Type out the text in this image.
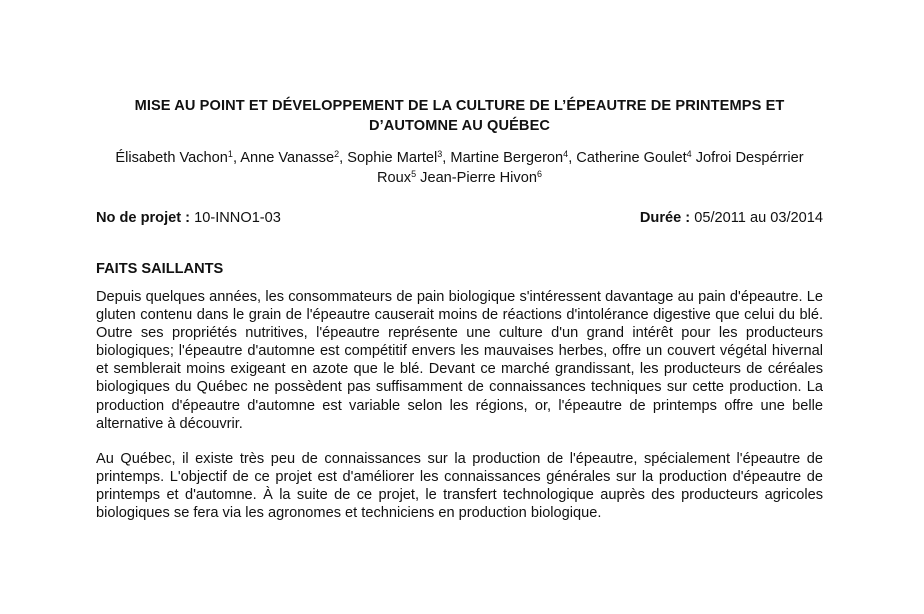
MISE AU POINT ET DÉVELOPPEMENT DE LA CULTURE DE L’ÉPEAUTRE DE PRINTEMPS ET
D’AUTOMNE AU QUÉBEC
Élisabeth Vachon$^1$, Anne Vanasse$^2$, Sophie Martel$^3$, Martine Bergeron$^4$, Catherine Goulet$^4$ Jofroi Despérrier Roux$^5$ Jean-Pierre Hivon$^6$
No de projet : 10-INNO1-03	Durée : 05/2011 au 03/2014
FAITS SAILLANTS

Depuis quelques années, les consommateurs de pain biologique s'intéressent davantage au pain d'épeautre. Le gluten contenu dans le grain de l'épeautre causerait moins de réactions d'intolérance digestive que celui du blé. Outre ses propriétés nutritives, l'épeautre représente une culture d'un grand intérêt pour les producteurs biologiques; l'épeautre d'automne est compétitif envers les mauvaises herbes, offre un couvert végétal hivernal et semblerait moins exigeant en azote que le blé. Devant ce marché grandissant, les producteurs de céréales biologiques du Québec ne possèdent pas suffisamment de connaissances techniques sur cette production. La production d'épeautre d'automne est variable selon les régions, or, l'épeautre de printemps offre une belle alternative à découvrir.

Au Québec, il existe très peu de connaissances sur la production de l'épeautre, spécialement l'épeautre de printemps. L'objectif de ce projet est d'améliorer les connaissances générales sur la production d'épeautre de printemps et d'automne. À la suite de ce projet, le transfert technologique auprès des producteurs agricoles biologiques se fera via les agronomes et techniciens en production biologique.
